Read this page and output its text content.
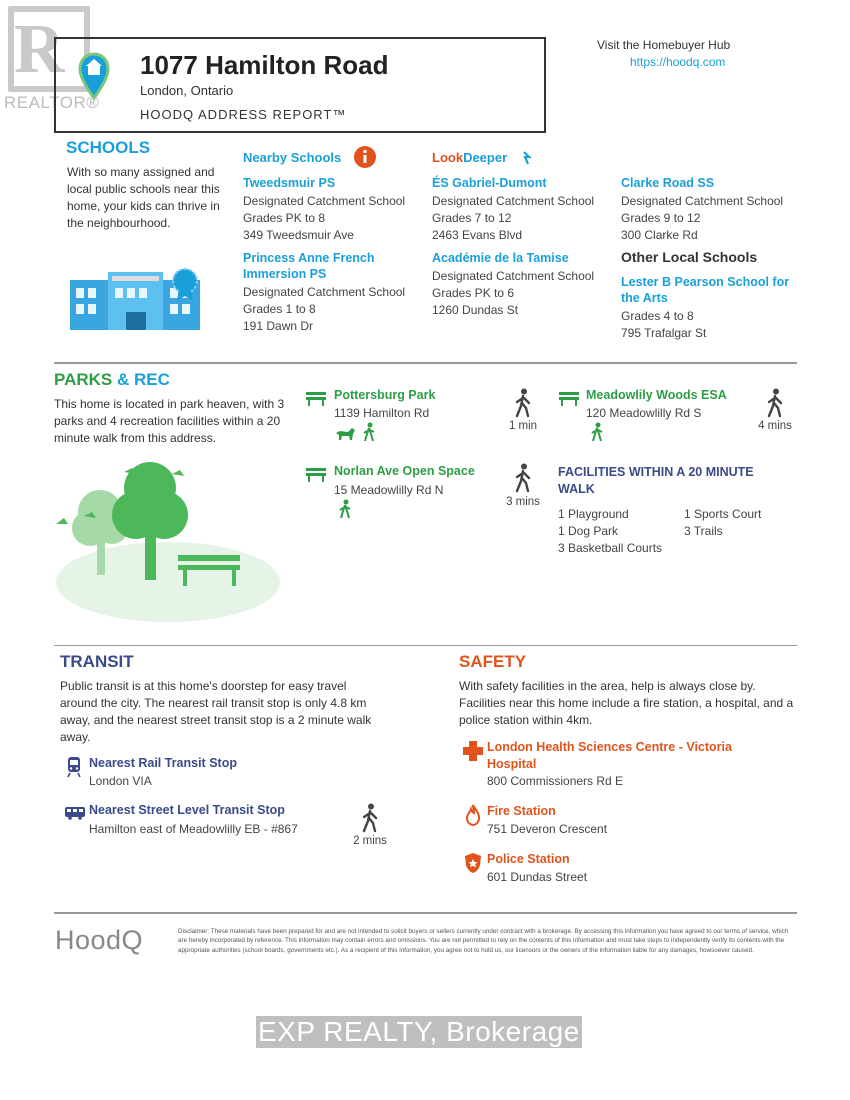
R
REALTOR®
1077 Hamilton Road
London, Ontario
HOODQ ADDRESS REPORT™
Visit the Homebuyer Hub
https://hoodq.com
SCHOOLS
With so many assigned and local public schools near this home, your kids can thrive in the neighbourhood.
Nearby Schools	LookDeeper
Tweedsmuir PS
Designated Catchment School
Grades PK to 8
349 Tweedsmuir Ave
Princess Anne French Immersion PS
Designated Catchment School
Grades 1 to 8
191 Dawn Dr
ÉS Gabriel-Dumont
Designated Catchment School
Grades 7 to 12
2463 Evans Blvd
Académie de la Tamise
Designated Catchment School
Grades PK to 6
1260 Dundas St
Clarke Road SS
Designated Catchment School
Grades 9 to 12
300 Clarke Rd
Other Local Schools
Lester B Pearson School for the Arts
Grades 4 to 8
795 Trafalgar St
PARKS & REC
This home is located in park heaven, with 3 parks and 4 recreation facilities within a 20 minute walk from this address.
Pottersburg Park
1139 Hamilton Rd
1 min
Norlan Ave Open Space
15 Meadowlilly Rd N
3 mins
Meadowlily Woods ESA
120 Meadowlilly Rd S
4 mins
FACILITIES WITHIN A 20 MINUTE WALK
1 Playground	1 Sports Court
1 Dog Park	3 Trails
3 Basketball Courts
TRANSIT
Public transit is at this home's doorstep for easy travel around the city. The nearest rail transit stop is only 4.8 km away, and the nearest street transit stop is a 2 minute walk away.
Nearest Rail Transit Stop
London VIA
Nearest Street Level Transit Stop
Hamilton east of Meadowlilly EB - #867
2 mins
SAFETY
With safety facilities in the area, help is always close by. Facilities near this home include a fire station, a hospital, and a police station within 4km.
London Health Sciences Centre - Victoria Hospital
800 Commissioners Rd E
Fire Station
751 Deveron Crescent
Police Station
601 Dundas Street
HoodQ	Disclaimer: These materials have been prepared for and are not intended to solicit buyers or sellers currently under contract with a brokerage. By accessing this information you have agreed to our terms of service, which are hereby incorporated by reference. This information may contain errors and omissions. You are not permitted to rely on the contents of this information and must take steps to independently verify its contents with the appropriate authorities (school boards, governments etc.). As a recipient of this information, you agree not to hold us, our licensors or the owners of the information liable for any damages, howsoever caused.
EXP REALTY, Brokerage
